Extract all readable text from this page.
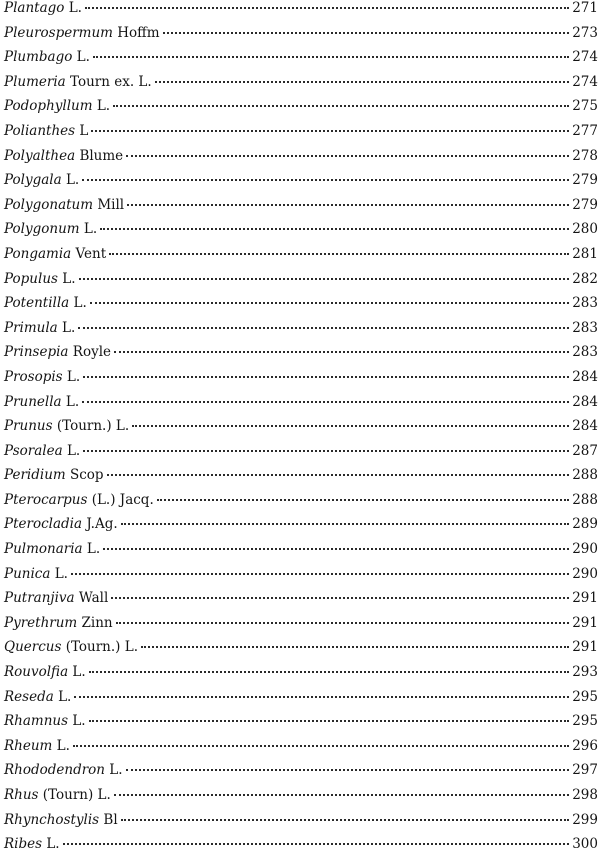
Plantago L.	271
Pleurospermum Hoffm	273
Plumbago L.	274
Plumeria Tourn ex. L.	274
Podophyllum L.	275
Polianthes L	277
Polyalthea Blume	278
Polygala L.	279
Polygonatum Mill	279
Polygonum L.	280
Pongamia Vent	281
Populus L.	282
Potentilla L.	283
Primula L.	283
Prinsepia Royle	283
Prosopis L.	284
Prunella L.	284
Prunus (Tourn.) L.	284
Psoralea L.	287
Peridium Scop	288
Pterocarpus (L.) Jacq.	288
Pterocladia J.Ag.	289
Pulmonaria L.	290
Punica L.	290
Putranjiva Wall	291
Pyrethrum Zinn	291
Quercus (Tourn.) L.	291
Rouvolfia L.	293
Reseda L.	295
Rhamnus L.	295
Rheum L.	296
Rhododendron L.	297
Rhus (Tourn) L.	298
Rhynchostylis Bl	299
Ribes L.	300
